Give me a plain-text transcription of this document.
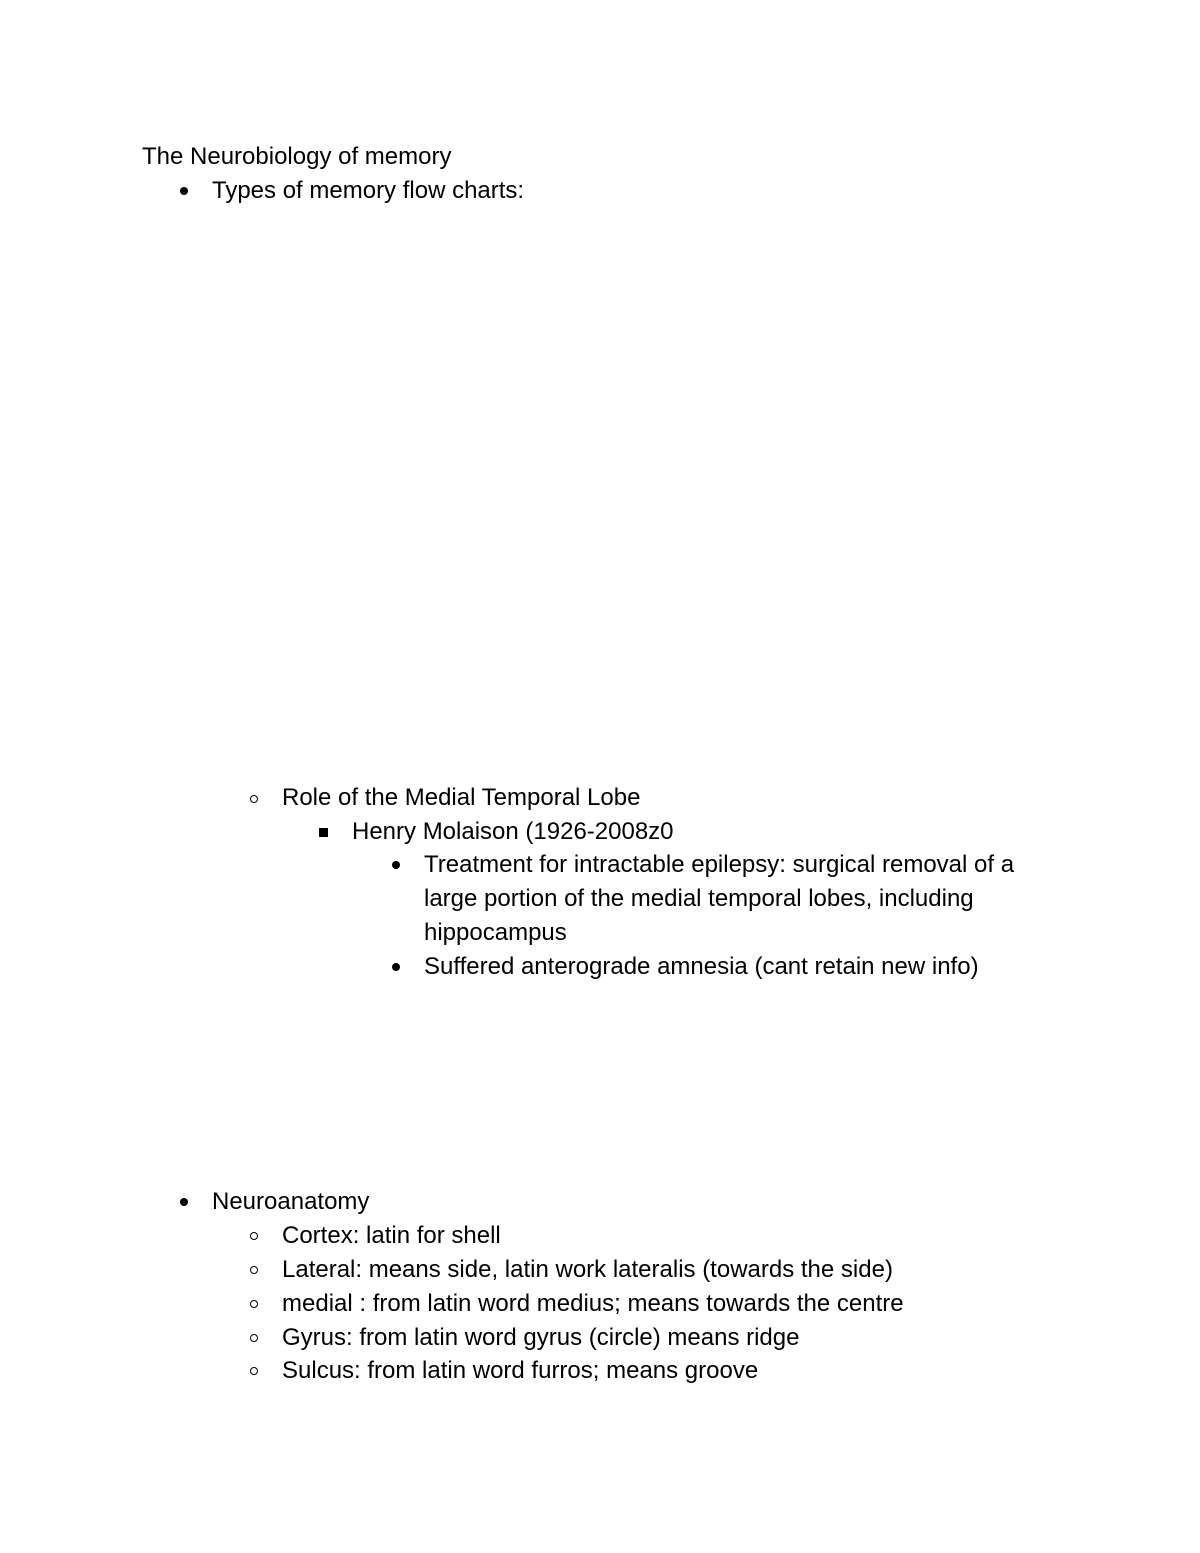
The Neurobiology of memory
Types of memory flow charts:
Role of the Medial Temporal Lobe
Henry Molaison (1926-2008z0
Treatment for intractable epilepsy: surgical removal of a
large portion of the medial temporal lobes, including
hippocampus
Suffered anterograde amnesia (cant retain new info)
Neuroanatomy
Cortex: latin for shell
Lateral: means side, latin work lateralis (towards the side)
medial : from latin word medius; means towards the centre
Gyrus: from latin word gyrus (circle) means ridge
Sulcus: from latin word furros; means groove
